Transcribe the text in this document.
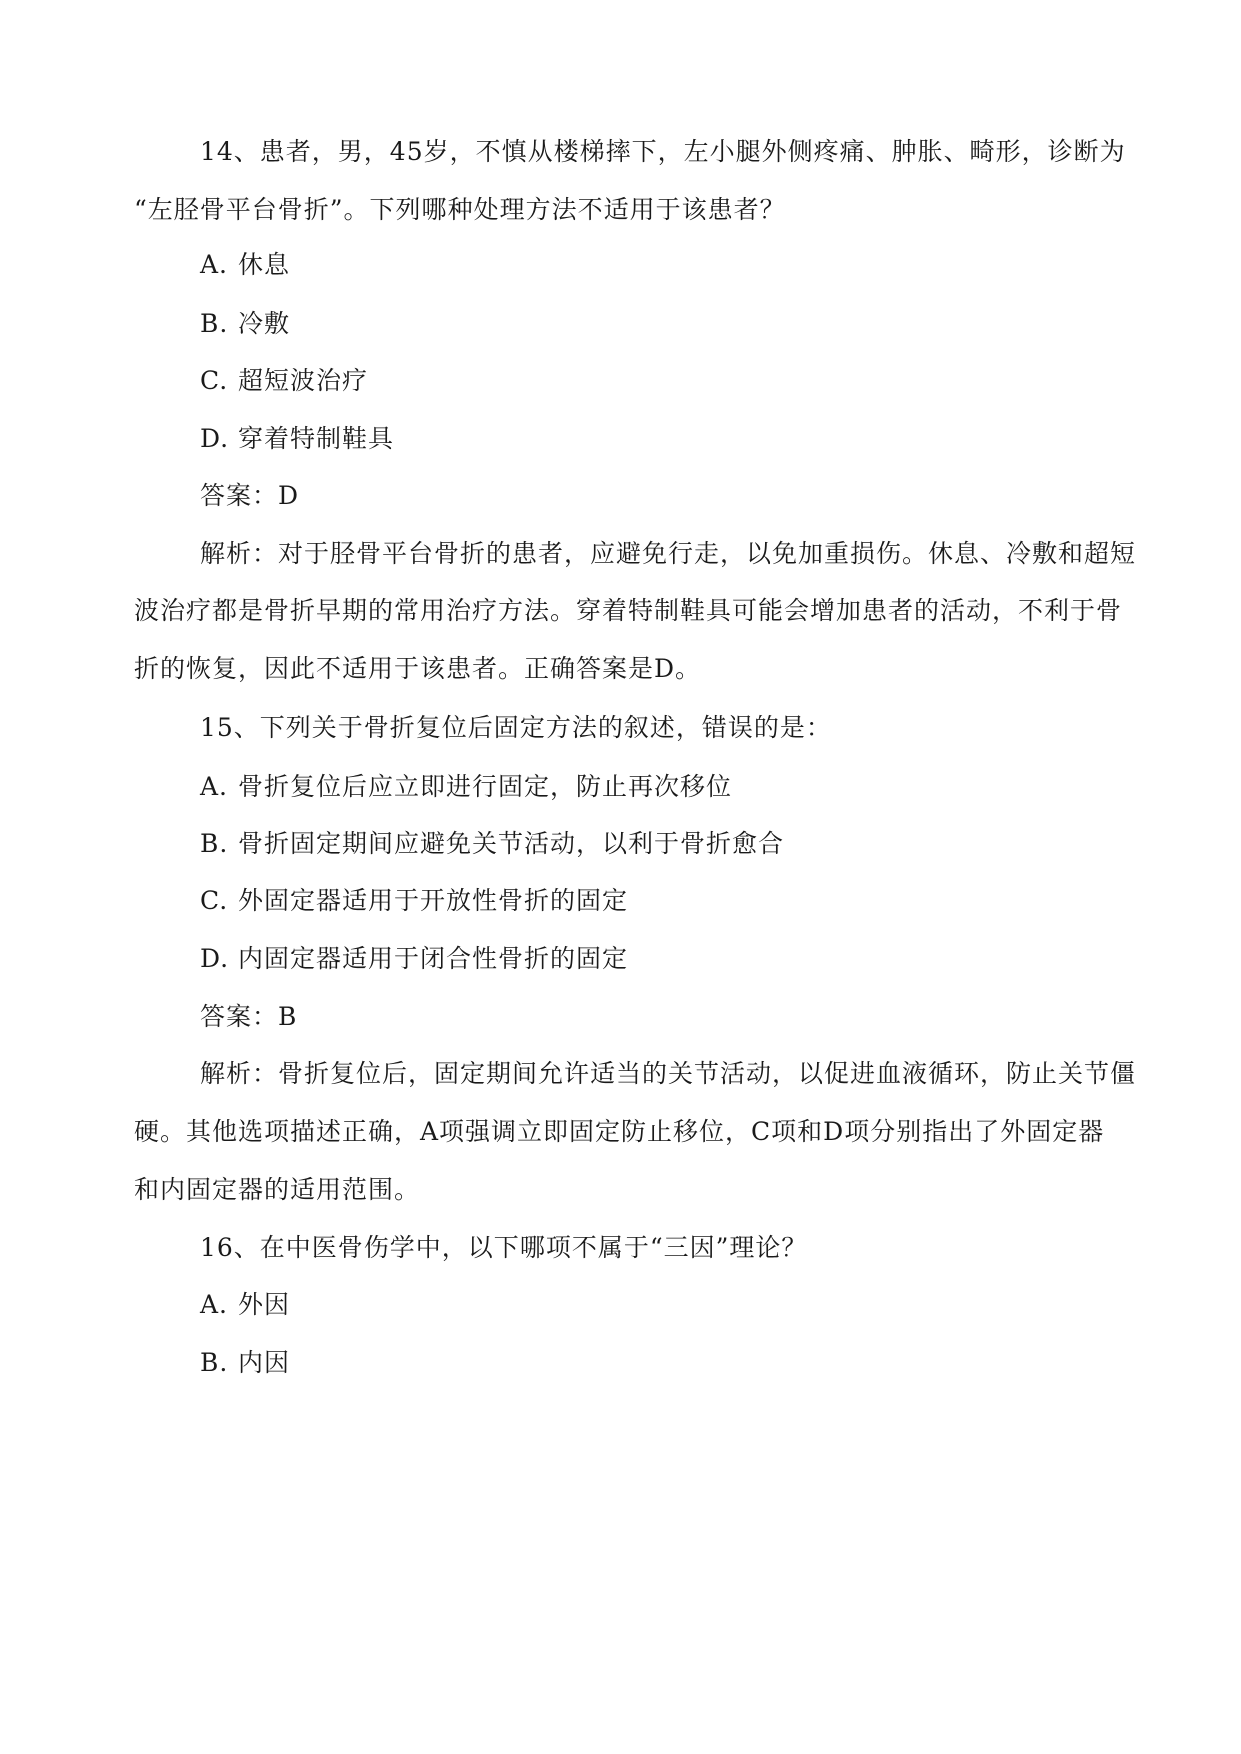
14、患者，男，45岁，不慎从楼梯摔下，左小腿外侧疼痛、肿胀、畸形，诊断为
“左胫骨平台骨折”。下列哪种处理方法不适用于该患者？
A. 休息
B. 冷敷
C. 超短波治疗
D. 穿着特制鞋具
答案：D
解析：对于胫骨平台骨折的患者，应避免行走，以免加重损伤。休息、冷敷和超短
波治疗都是骨折早期的常用治疗方法。穿着特制鞋具可能会增加患者的活动，不利于骨
折的恢复，因此不适用于该患者。正确答案是D。
15、下列关于骨折复位后固定方法的叙述，错误的是：
A. 骨折复位后应立即进行固定，防止再次移位
B. 骨折固定期间应避免关节活动，以利于骨折愈合
C. 外固定器适用于开放性骨折的固定
D. 内固定器适用于闭合性骨折的固定
答案：B
解析：骨折复位后，固定期间允许适当的关节活动，以促进血液循环，防止关节僵
硬。其他选项描述正确，A项强调立即固定防止移位，C项和D项分别指出了外固定器
和内固定器的适用范围。
16、在中医骨伤学中，以下哪项不属于“三因”理论？
A. 外因
B. 内因
